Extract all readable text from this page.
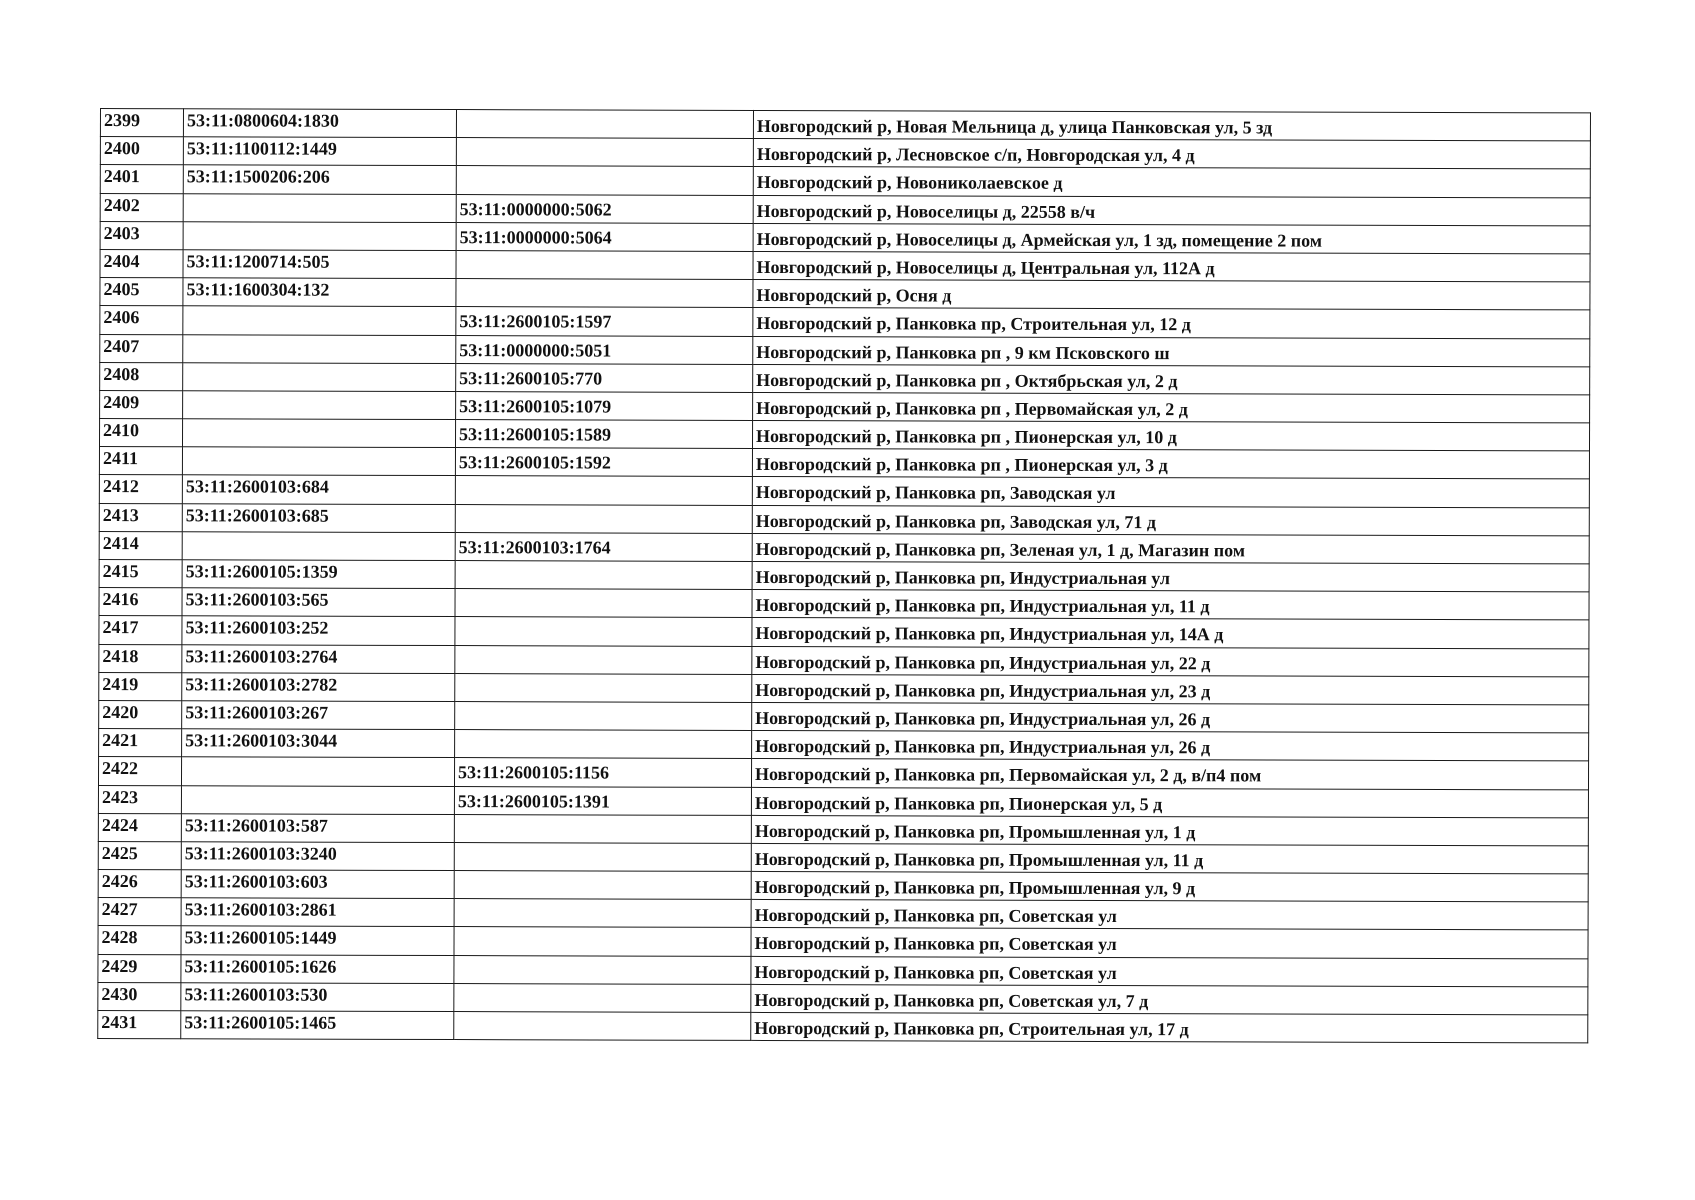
2399	53:11:0800604:1830		Новгородский р, Новая Мельница д, улица Панковская ул, 5 зд
2400	53:11:1100112:1449		Новгородский р, Лесновское с/п, Новгородская ул, 4 д
2401	53:11:1500206:206		Новгородский р, Новониколаевское д
2402		53:11:0000000:5062	Новгородский р, Новоселицы д, 22558 в/ч
2403		53:11:0000000:5064	Новгородский р, Новоселицы д, Армейская ул, 1 зд, помещение 2 пом
2404	53:11:1200714:505		Новгородский р, Новоселицы д, Центральная ул, 112А д
2405	53:11:1600304:132		Новгородский р, Осня д
2406		53:11:2600105:1597	Новгородский р, Панковка пр, Строительная ул, 12 д
2407		53:11:0000000:5051	Новгородский р, Панковка рп , 9 км Псковского ш
2408		53:11:2600105:770	Новгородский р, Панковка рп , Октябрьская ул, 2 д
2409		53:11:2600105:1079	Новгородский р, Панковка рп , Первомайская ул, 2 д
2410		53:11:2600105:1589	Новгородский р, Панковка рп , Пионерская ул, 10 д
2411		53:11:2600105:1592	Новгородский р, Панковка рп , Пионерская ул, 3 д
2412	53:11:2600103:684		Новгородский р, Панковка рп, Заводская ул
2413	53:11:2600103:685		Новгородский р, Панковка рп, Заводская ул, 71 д
2414		53:11:2600103:1764	Новгородский р, Панковка рп, Зеленая ул, 1 д, Магазин пом
2415	53:11:2600105:1359		Новгородский р, Панковка рп, Индустриальная ул
2416	53:11:2600103:565		Новгородский р, Панковка рп, Индустриальная ул, 11 д
2417	53:11:2600103:252		Новгородский р, Панковка рп, Индустриальная ул, 14А д
2418	53:11:2600103:2764		Новгородский р, Панковка рп, Индустриальная ул, 22 д
2419	53:11:2600103:2782		Новгородский р, Панковка рп, Индустриальная ул, 23 д
2420	53:11:2600103:267		Новгородский р, Панковка рп, Индустриальная ул, 26 д
2421	53:11:2600103:3044		Новгородский р, Панковка рп, Индустриальная ул, 26 д
2422		53:11:2600105:1156	Новгородский р, Панковка рп, Первомайская ул, 2 д, в/п4 пом
2423		53:11:2600105:1391	Новгородский р, Панковка рп, Пионерская ул, 5 д
2424	53:11:2600103:587		Новгородский р, Панковка рп, Промышленная ул, 1 д
2425	53:11:2600103:3240		Новгородский р, Панковка рп, Промышленная ул, 11 д
2426	53:11:2600103:603		Новгородский р, Панковка рп, Промышленная ул, 9 д
2427	53:11:2600103:2861		Новгородский р, Панковка рп, Советская ул
2428	53:11:2600105:1449		Новгородский р, Панковка рп, Советская ул
2429	53:11:2600105:1626		Новгородский р, Панковка рп, Советская ул
2430	53:11:2600103:530		Новгородский р, Панковка рп, Советская ул, 7 д
2431	53:11:2600105:1465		Новгородский р, Панковка рп, Строительная ул, 17 д
